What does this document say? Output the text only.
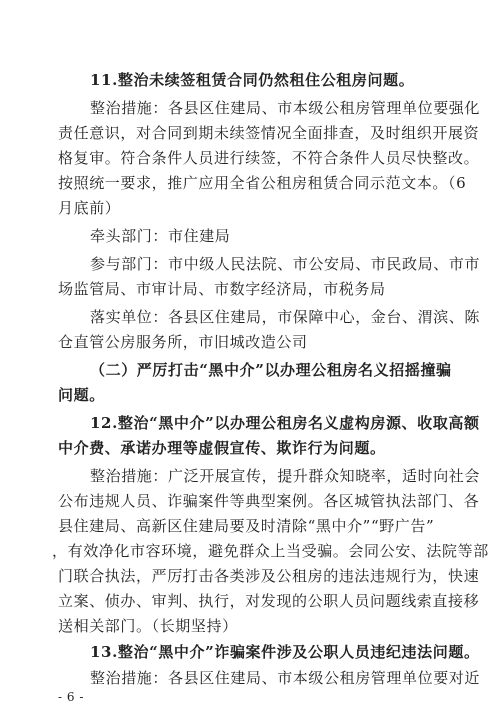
11.整治未续签租赁合同仍然租住公租房问题。
整治措施：各县区住建局、市本级公租房管理单位要强化
责任意识，对合同到期未续签情况全面排查，及时组织开展资
格复审。符合条件人员进行续签，不符合条件人员尽快整改。
按照统一要求，推广应用全省公租房租赁合同示范文本。（6
月底前）
牵头部门：市住建局
参与部门：市中级人民法院、市公安局、市民政局、市市
场监管局、市审计局、市数字经济局，市税务局
落实单位：各县区住建局，市保障中心，金台、渭滨、陈
仓直管公房服务所，市旧城改造公司
（二）严厉打击“黑中介”以办理公租房名义招摇撞骗
问题。
12.整治“黑中介”以办理公租房名义虚构房源、收取高额
中介费、承诺办理等虚假宣传、欺诈行为问题。
整治措施：广泛开展宣传，提升群众知晓率，适时向社会
公布违规人员、诈骗案件等典型案例。各区城管执法部门、各
县住建局、高新区住建局要及时清除“黑中介”“野广告”
，有效净化市容环境，避免群众上当受骗。会同公安、法院等部
门联合执法，严厉打击各类涉及公租房的违法违规行为，快速
立案、侦办、审判、执行，对发现的公职人员问题线索直接移
送相关部门。（长期坚持）
- 6 -
13.整治“黑中介”诈骗案件涉及公职人员违纪违法问题。
整治措施：各县区住建局、市本级公租房管理单位要对近
